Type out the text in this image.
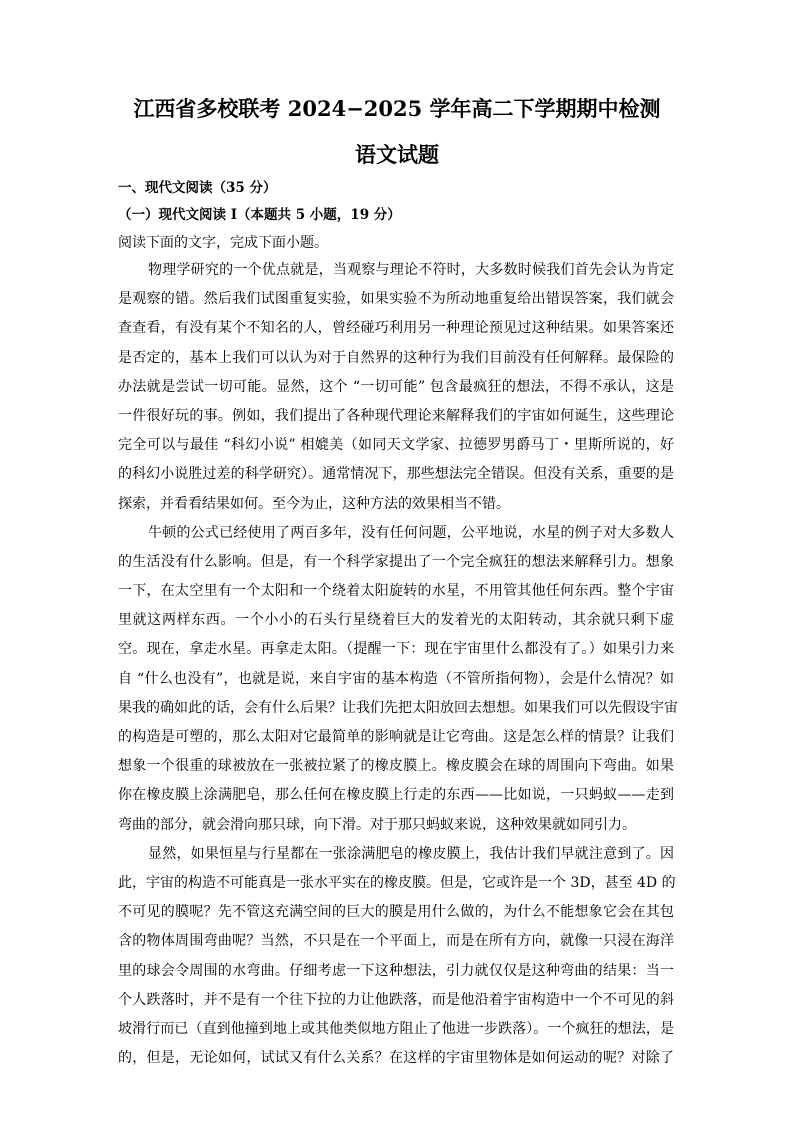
江西省多校联考 2024−2025 学年高二下学期期中检测
语文试题
一、现代文阅读（35 分）
（一）现代文阅读 I（本题共 5 小题，19 分）
阅读下面的文字，完成下面小题。

物理学研究的一个优点就是，当观察与理论不符时，大多数时候我们首先会认为肯定
是观察的错。然后我们试图重复实验，如果实验不为所动地重复给出错误答案，我们就会
查查看，有没有某个不知名的人，曾经碰巧利用另一种理论预见过这种结果。如果答案还
是否定的，基本上我们可以认为对于自然界的这种行为我们目前没有任何解释。最保险的
办法就是尝试一切可能。显然，这个 “一切可能” 包含最疯狂的想法，不得不承认，这是
一件很好玩的事。例如，我们提出了各种现代理论来解释我们的宇宙如何诞生，这些理论
完全可以与最佳 “科幻小说” 相媲美（如同天文学家、拉德罗男爵马丁・里斯所说的，好
的科幻小说胜过差的科学研究）。通常情况下，那些想法完全错误。但没有关系，重要的是
探索，并看看结果如何。至今为止，这种方法的效果相当不错。

牛顿的公式已经使用了两百多年，没有任何问题，公平地说，水星的例子对大多数人
的生活没有什么影响。但是，有一个科学家提出了一个完全疯狂的想法来解释引力。想象
一下，在太空里有一个太阳和一个绕着太阳旋转的水星，不用管其他任何东西。整个宇宙
里就这两样东西。一个小小的石头行星绕着巨大的发着光的太阳转动，其余就只剩下虚
空。现在，拿走水星。再拿走太阳。（提醒一下：现在宇宙里什么都没有了。）如果引力来
自 “什么也没有”，也就是说，来自宇宙的基本构造（不管所指何物），会是什么情况？如
果我的确如此的话，会有什么后果？让我们先把太阳放回去想想。如果我们可以先假设宇宙
的构造是可塑的，那么太阳对它最简单的影响就是让它弯曲。这是怎么样的情景？让我们
想象一个很重的球被放在一张被拉紧了的橡皮膜上。橡皮膜会在球的周围向下弯曲。如果
你在橡皮膜上涂满肥皂，那么任何在橡皮膜上行走的东西——比如说，一只蚂蚁——走到
弯曲的部分，就会滑向那只球，向下滑。对于那只蚂蚁来说，这种效果就如同引力。

显然，如果恒星与行星都在一张涂满肥皂的橡皮膜上，我估计我们早就注意到了。因
此，宇宙的构造不可能真是一张水平实在的橡皮膜。但是，它或许是一个 3D，甚至 4D 的
不可见的膜呢？先不管这充满空间的巨大的膜是用什么做的，为什么不能想象它会在其包
含的物体周围弯曲呢？当然，不只是在一个平面上，而是在所有方向，就像一只浸在海洋
里的球会令周围的水弯曲。仔细考虑一下这种想法，引力就仅仅是这种弯曲的结果：当一
个人跌落时，并不是有一个往下拉的力让他跌落，而是他沿着宇宙构造中一个不可见的斜
坡滑行而已（直到他撞到地上或其他类似地方阻止了他进一步跌落）。一个疯狂的想法，是
的，但是，无论如何，试试又有什么关系？在这样的宇宙里物体是如何运动的呢？对除了
